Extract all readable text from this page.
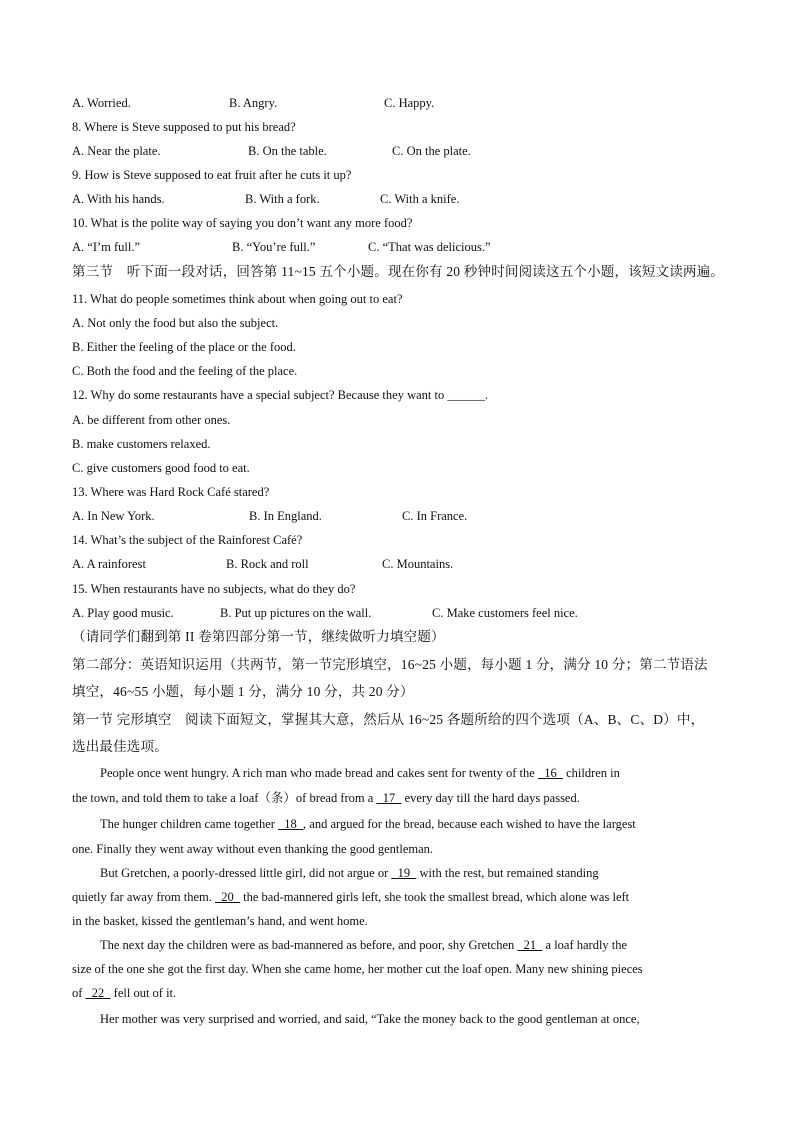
A. Worried.	B. Angry.	C. Happy.
8. Where is Steve supposed to put his bread?
A. Near the plate.	B. On the table.	C. On the plate.
9. How is Steve supposed to eat fruit after he cuts it up?
A. With his hands.	B. With a fork.	C. With a knife.
10. What is the polite way of saying you don’t want any more food?
A. “I’m full.”	B. “You’re full.”	C. “That was delicious.”
第三节　听下面一段对话，回答第 11~15 五个小题。现在你有 20 秒钟时间阅读这五个小题，该短文读两遍。
11. What do people sometimes think about when going out to eat?
A. Not only the food but also the subject.
B. Either the feeling of the place or the food.
C. Both the food and the feeling of the place.
12. Why do some restaurants have a special subject? Because they want to ______.
A. be different from other ones.
B. make customers relaxed.
C. give customers good food to eat.
13. Where was Hard Rock Café stared?
A. In New York.	B. In England.	C. In France.
14. What’s the subject of the Rainforest Café?
A. A rainforest	B. Rock and roll	C. Mountains.
15. When restaurants have no subjects, what do they do?
A. Play good music.	B. Put up pictures on the wall.	C. Make customers feel nice.
（请同学们翻到第 II 卷第四部分第一节，继续做听力填空题）
第二部分：英语知识运用（共两节，第一节完形填空，16~25 小题，每小题 1 分，满分 10 分；第二节语法
填空，46~55 小题，每小题 1 分，满分 10 分，共 20 分）
第一节 完形填空　阅读下面短文，掌握其大意，然后从 16~25 各题所给的四个选项（A、B、C、D）中，
选出最佳选项。
People once went hungry. A rich man who made bread and cakes sent for twenty of the   16   children in
the town, and told them to take a loaf（条）of bread from a   17   every day till the hard days passed.
The hunger children came together   18  , and argued for the bread, because each wished to have the largest
one. Finally they went away without even thanking the good gentleman.
But Gretchen, a poorly-dressed little girl, did not argue or   19   with the rest, but remained standing
quietly far away from them.   20   the bad-mannered girls left, she took the smallest bread, which alone was left
in the basket, kissed the gentleman’s hand, and went home.
The next day the children were as bad-mannered as before, and poor, shy Gretchen   21   a loaf hardly the
size of the one she got the first day. When she came home, her mother cut the loaf open. Many new shining pieces
of   22   fell out of it.
Her mother was very surprised and worried, and said, “Take the money back to the good gentleman at once,
